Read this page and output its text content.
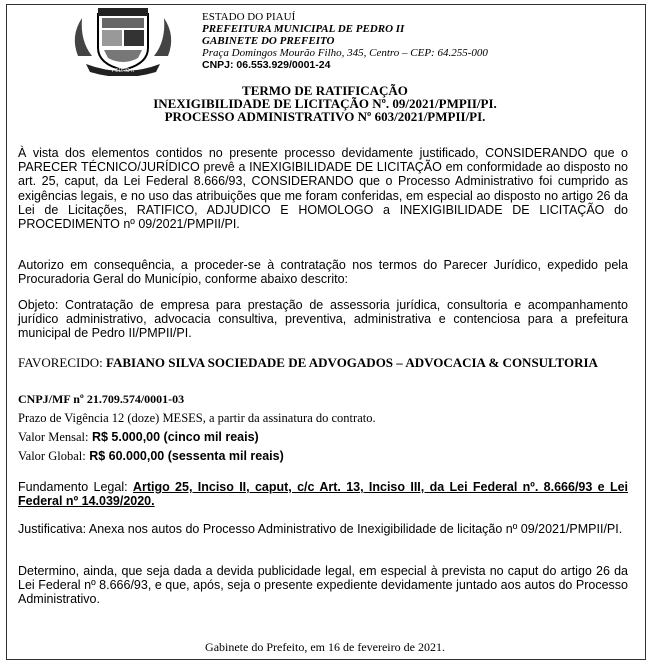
PEDRO II
ESTADO DO PIAUÍ
PREFEITURA MUNICIPAL DE PEDRO II
GABINETE DO PREFEITO
Praça Domingos Mourão Filho, 345, Centro – CEP: 64.255-000
CNPJ: 06.553.929/0001-24
TERMO DE RATIFICAÇÃO
INEXIGIBILIDADE DE LICITAÇÃO Nº. 09/2021/PMPII/PI.
PROCESSO ADMINISTRATIVO Nº 603/2021/PMPII/PI.
À vista dos elementos contidos no presente processo devidamente justificado, CONSIDERANDO que o PARECER TÉCNICO/JURÍDICO prevê a INEXIGIBILIDADE DE LICITAÇÃO em conformidade ao disposto no art. 25, caput, da Lei Federal 8.666/93, CONSIDERANDO que o Processo Administrativo foi cumprido as exigências legais, e no uso das atribuições que me foram conferidas, em especial ao disposto no artigo 26 da Lei de Licitações, RATIFICO, ADJUDICO E HOMOLOGO a INEXIGIBILIDADE DE LICITAÇÃO do PROCEDIMENTO nº 09/2021/PMPII/PI.
Autorizo em consequência, a proceder-se à contratação nos termos do Parecer Jurídico, expedido pela Procuradoria Geral do Município, conforme abaixo descrito:
Objeto: Contratação de empresa para prestação de assessoria jurídica, consultoria e acompanhamento jurídico administrativo, advocacia consultiva, preventiva, administrativa e contenciosa para a prefeitura municipal de Pedro II/PMPII/PI.
FAVORECIDO: FABIANO SILVA SOCIEDADE DE ADVOGADOS – ADVOCACIA & CONSULTORIA
CNPJ/MF nº 21.709.574/0001-03
Prazo de Vigência 12 (doze) MESES, a partir da assinatura do contrato.
Valor Mensal: R$ 5.000,00 (cinco mil reais)
Valor Global: R$ 60.000,00 (sessenta mil reais)
Fundamento Legal: Artigo 25, Inciso II, caput, c/c Art. 13, Inciso III, da Lei Federal nº. 8.666/93 e Lei Federal nº 14.039/2020.
Justificativa: Anexa nos autos do Processo Administrativo de Inexigibilidade de licitação nº 09/2021/PMPII/PI.
Determino, ainda, que seja dada a devida publicidade legal, em especial à prevista no caput do artigo 26 da Lei Federal nº 8.666/93, e que, após, seja o presente expediente devidamente juntado aos autos do Processo Administrativo.
Gabinete do Prefeito, em 16 de fevereiro de 2021.
